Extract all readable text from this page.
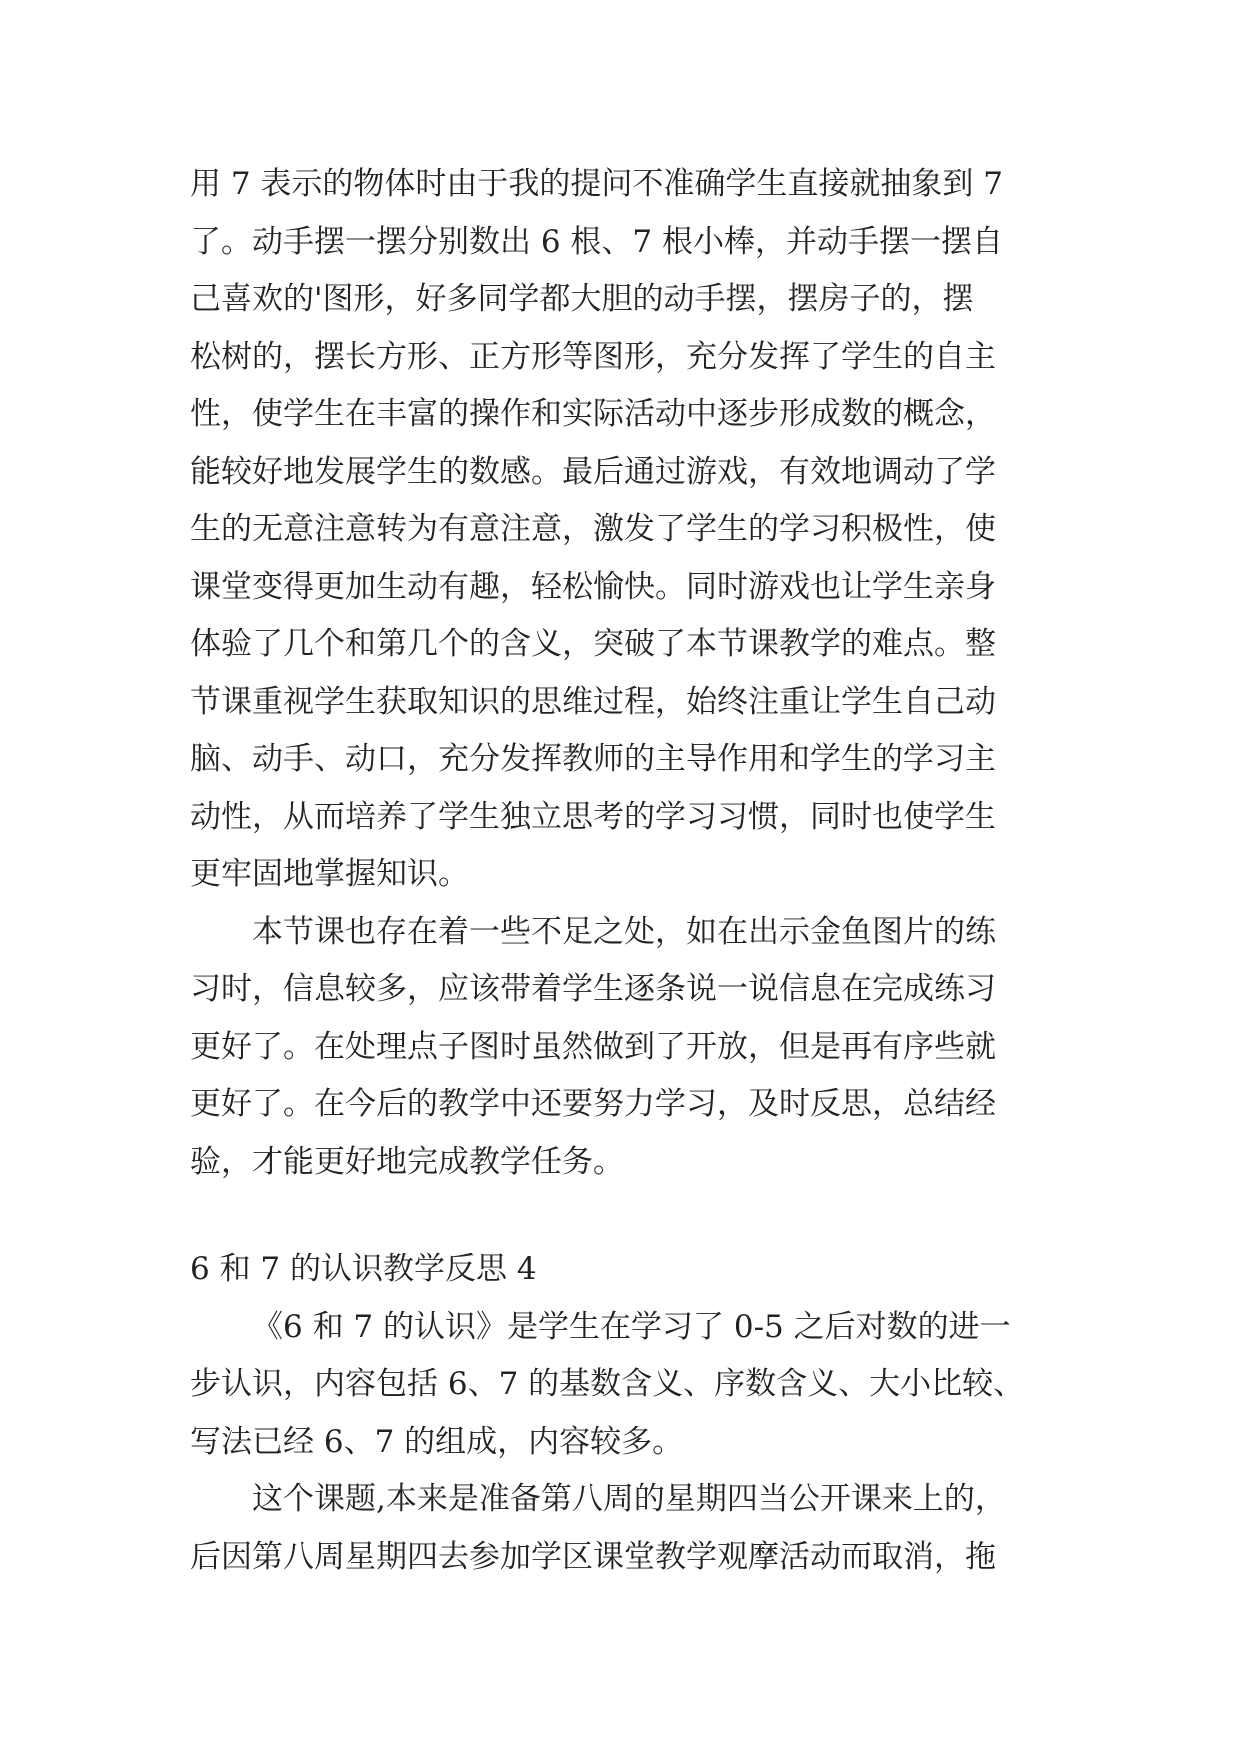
用 7 表示的物体时由于我的提问不准确学生直接就抽象到 7
了。动手摆一摆分别数出 6 根、7 根小棒，并动手摆一摆自
己喜欢的'图形，好多同学都大胆的动手摆，摆房子的，摆
松树的，摆长方形、正方形等图形，充分发挥了学生的自主
性，使学生在丰富的操作和实际活动中逐步形成数的概念，
能较好地发展学生的数感。最后通过游戏，有效地调动了学
生的无意注意转为有意注意，激发了学生的学习积极性，使
课堂变得更加生动有趣，轻松愉快。同时游戏也让学生亲身
体验了几个和第几个的含义，突破了本节课教学的难点。整
节课重视学生获取知识的思维过程，始终注重让学生自己动
脑、动手、动口，充分发挥教师的主导作用和学生的学习主
动性，从而培养了学生独立思考的学习习惯，同时也使学生
更牢固地掌握知识。
本节课也存在着一些不足之处，如在出示金鱼图片的练
习时，信息较多，应该带着学生逐条说一说信息在完成练习
更好了。在处理点子图时虽然做到了开放，但是再有序些就
更好了。在今后的教学中还要努力学习，及时反思，总结经
验，才能更好地完成教学任务。
6 和 7 的认识教学反思 4
《6 和 7 的认识》是学生在学习了 0-5 之后对数的进一
步认识，内容包括 6、7 的基数含义、序数含义、大小比较、
写法已经 6、7 的组成，内容较多。
这个课题,本来是准备第八周的星期四当公开课来上的，
后因第八周星期四去参加学区课堂教学观摩活动而取消，拖
